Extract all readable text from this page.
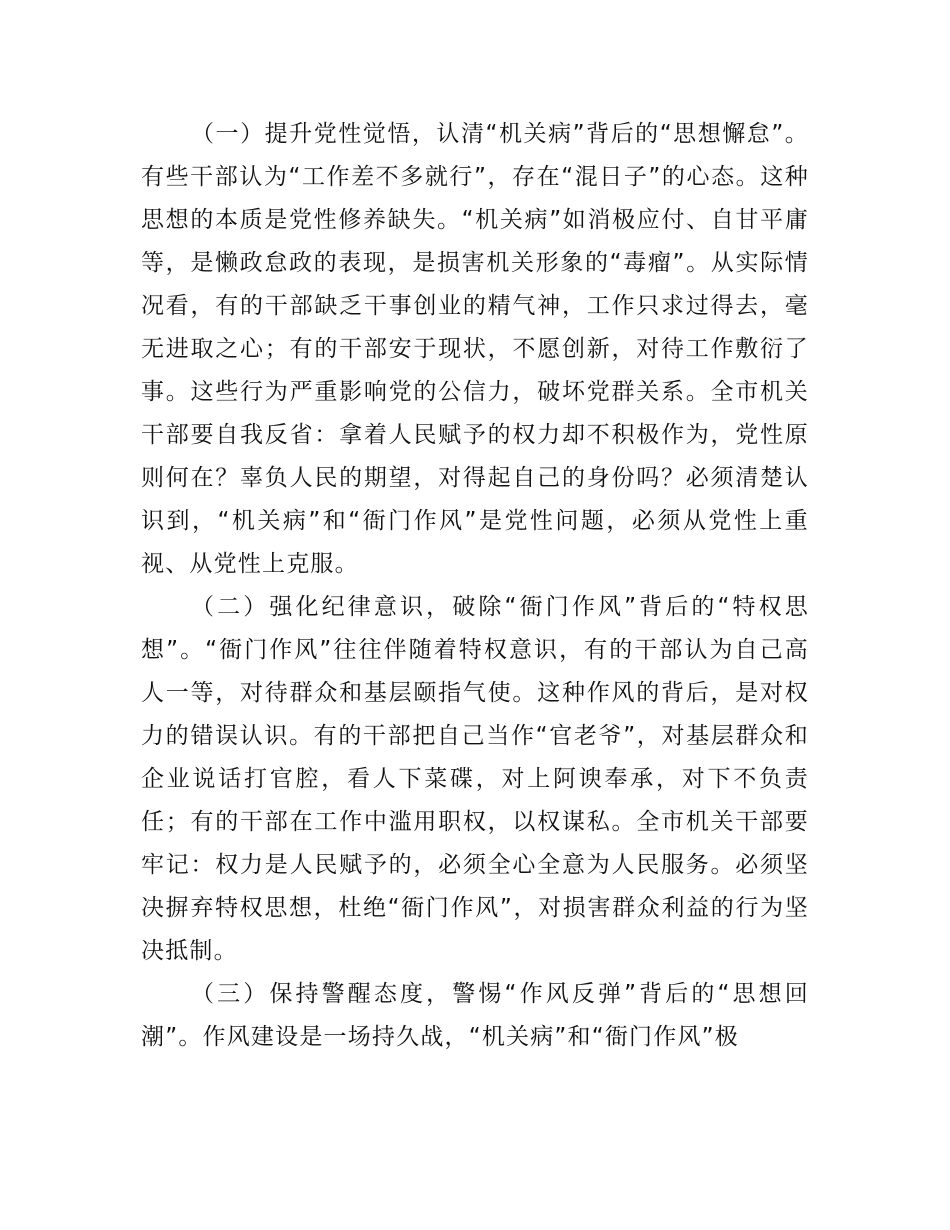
（一）提升党性觉悟，认清“机关病”背后的“思想懈怠”。有些干部认为“工作差不多就行”，存在“混日子”的心态。这种思想的本质是党性修养缺失。“机关病”如消极应付、自甘平庸等，是懒政怠政的表现，是损害机关形象的“毒瘤”。从实际情况看，有的干部缺乏干事创业的精气神，工作只求过得去，毫无进取之心；有的干部安于现状，不愿创新，对待工作敷衍了事。这些行为严重影响党的公信力，破坏党群关系。全市机关干部要自我反省：拿着人民赋予的权力却不积极作为，党性原则何在？辜负人民的期望，对得起自己的身份吗？必须清楚认识到，“机关病”和“衙门作风”是党性问题，必须从党性上重视、从党性上克服。

（二）强化纪律意识，破除“衙门作风”背后的“特权思想”。“衙门作风”往往伴随着特权意识，有的干部认为自己高人一等，对待群众和基层颐指气使。这种作风的背后，是对权力的错误认识。有的干部把自己当作“官老爷”，对基层群众和企业说话打官腔，看人下菜碟，对上阿谀奉承，对下不负责任；有的干部在工作中滥用职权，以权谋私。全市机关干部要牢记：权力是人民赋予的，必须全心全意为人民服务。必须坚决摒弃特权思想，杜绝“衙门作风”，对损害群众利益的行为坚决抵制。

（三）保持警醒态度，警惕“作风反弹”背后的“思想回潮”。作风建设是一场持久战，“机关病”和“衙门作风”极
